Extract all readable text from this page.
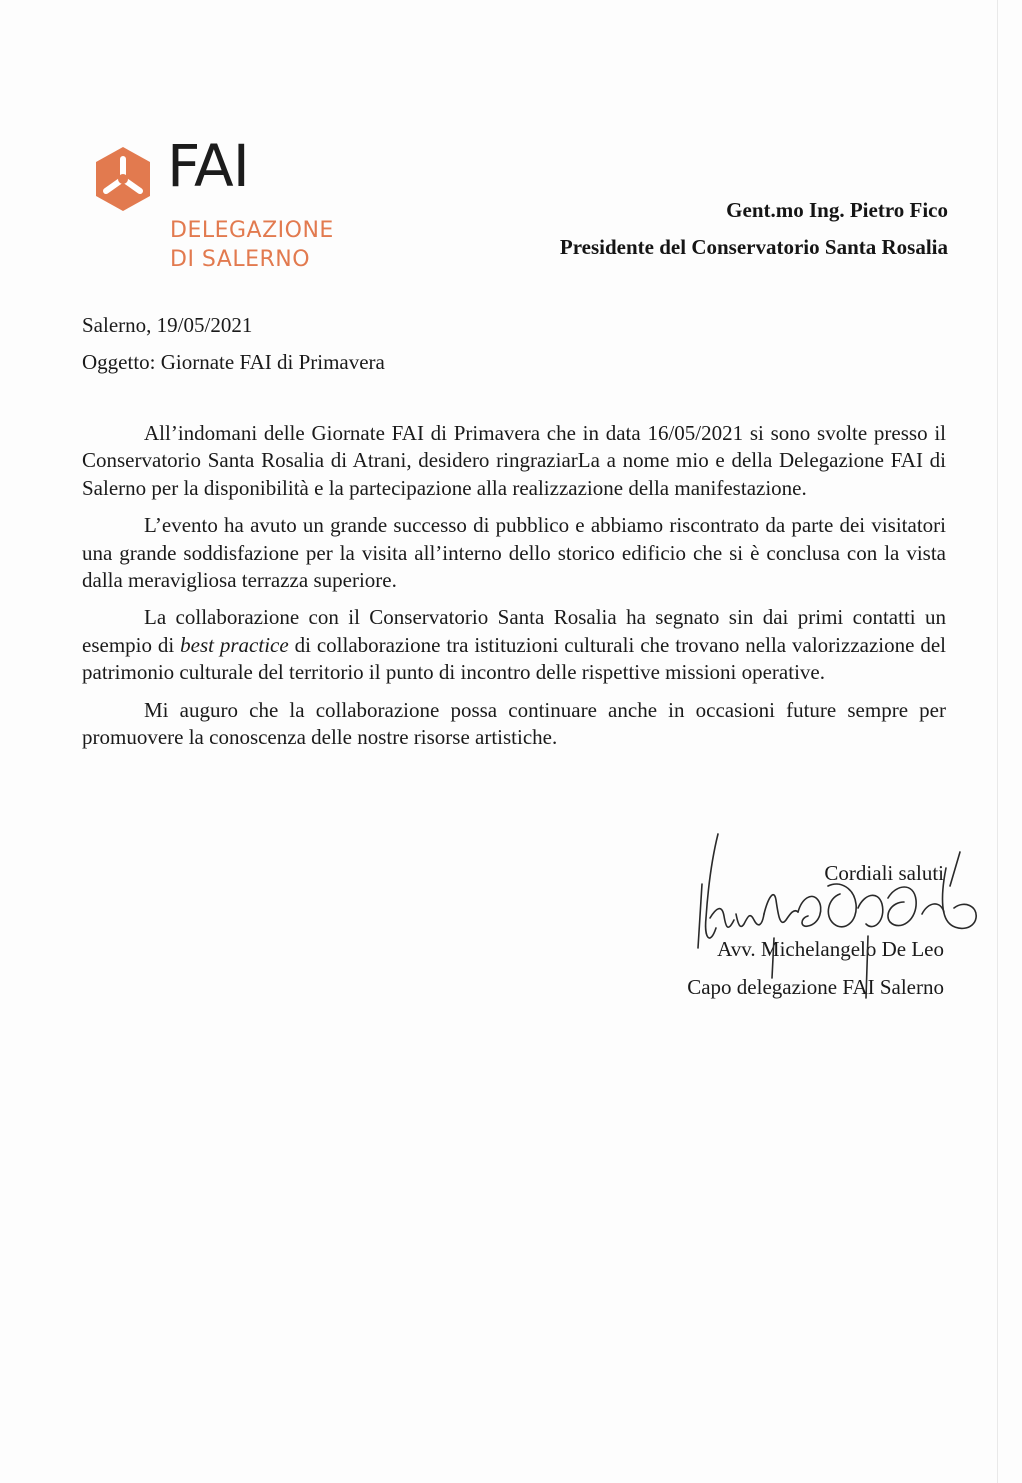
FAI
DELEGAZIONE
DI SALERNO
Gent.mo Ing. Pietro Fico
Presidente del Conservatorio Santa Rosalia
Salerno, 19/05/2021
Oggetto: Giornate FAI di Primavera

All’indomani delle Giornate FAI di Primavera che in data 16/05/2021 si sono svolte presso il Conservatorio Santa Rosalia di Atrani, desidero ringraziarLa a nome mio e della Delegazione FAI di Salerno per la disponibilità e la partecipazione alla realizzazione della manifestazione.

L’evento ha avuto un grande successo di pubblico e abbiamo riscontrato da parte dei visitatori una grande soddisfazione per la visita all’interno dello storico edificio che si è conclusa con la vista dalla meravigliosa terrazza superiore.

La collaborazione con il Conservatorio Santa Rosalia ha segnato sin dai primi contatti un esempio di best practice di collaborazione tra istituzioni culturali che trovano nella valorizzazione del patrimonio culturale del territorio il punto di incontro delle rispettive missioni operative.

Mi auguro che la collaborazione possa continuare anche in occasioni future sempre per promuovere la conoscenza delle nostre risorse artistiche.

Cordiali saluti
Avv. Michelangelo De Leo
Capo delegazione FAI Salerno
